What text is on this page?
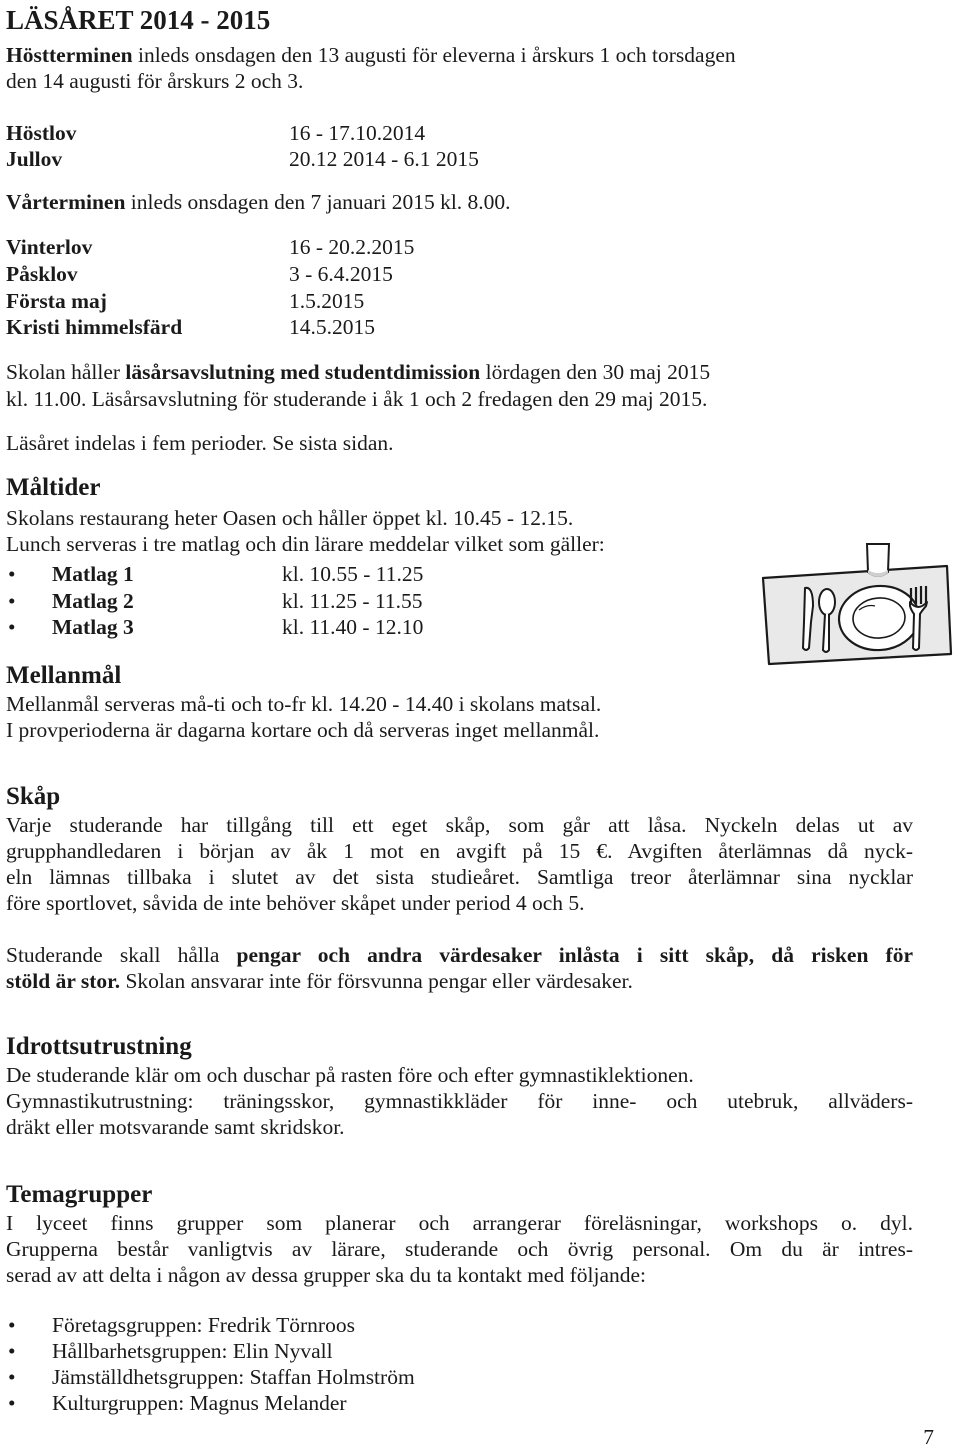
LÄSÅRET 2014 - 2015
Höstterminen inleds onsdagen den 13 augusti för eleverna i årskurs 1 och torsdagen
den 14 augusti för årskurs 2 och 3.
Höstlov	16 - 17.10.2014
Jullov	20.12 2014 - 6.1 2015
Vårterminen inleds onsdagen den 7 januari 2015 kl. 8.00.
Vinterlov	16 - 20.2.2015
Påsklov	3 - 6.4.2015
Första maj	1.5.2015
Kristi himmelsfärd	14.5.2015
Skolan håller läsårsavslutning med studentdimission lördagen den 30 maj 2015
kl. 11.00. Läsårsavslutning för studerande i åk 1 och 2 fredagen den 29 maj 2015.
Läsåret indelas i fem perioder. Se sista sidan.
Måltider
Skolans restaurang heter Oasen och håller öppet kl. 10.45 - 12.15.
Lunch serveras i tre matlag och din lärare meddelar vilket som gäller:
• Matlag 1	kl. 10.55 - 11.25
• Matlag 2	kl. 11.25 - 11.55
• Matlag 3	kl. 11.40 - 12.10
Mellanmål
Mellanmål serveras må-ti och to-fr kl. 14.20 - 14.40 i skolans matsal.
I provperioderna är dagarna kortare och då serveras inget mellanmål.
Skåp
Varje studerande har tillgång till ett eget skåp, som går att låsa. Nyckeln delas ut av
grupphandledaren i början av åk 1 mot en avgift på 15 €. Avgiften återlämnas då nyck-
eln lämnas tillbaka i slutet av det sista studieåret. Samtliga treor återlämnar sina nycklar
före sportlovet, såvida de inte behöver skåpet under period 4 och 5.
Studerande skall hålla pengar och andra värdesaker inlåsta i sitt skåp, då risken för
stöld är stor. Skolan ansvarar inte för försvunna pengar eller värdesaker.
Idrottsutrustning
De studerande klär om och duschar på rasten före och efter gymnastiklektionen.
Gymnastikutrustning: träningsskor, gymnastikkläder för inne- och utebruk, allväders-
dräkt eller motsvarande samt skridskor.
Temagrupper
I lyceet finns grupper som planerar och arrangerar föreläsningar, workshops o. dyl.
Grupperna består vanligtvis av lärare, studerande och övrig personal. Om du är intres-
serad av att delta i någon av dessa grupper ska du ta kontakt med följande:
• Företagsgruppen: Fredrik Törnroos
• Hållbarhetsgruppen: Elin Nyvall
• Jämställdhetsgruppen: Staffan Holmström
• Kulturgruppen: Magnus Melander
7
